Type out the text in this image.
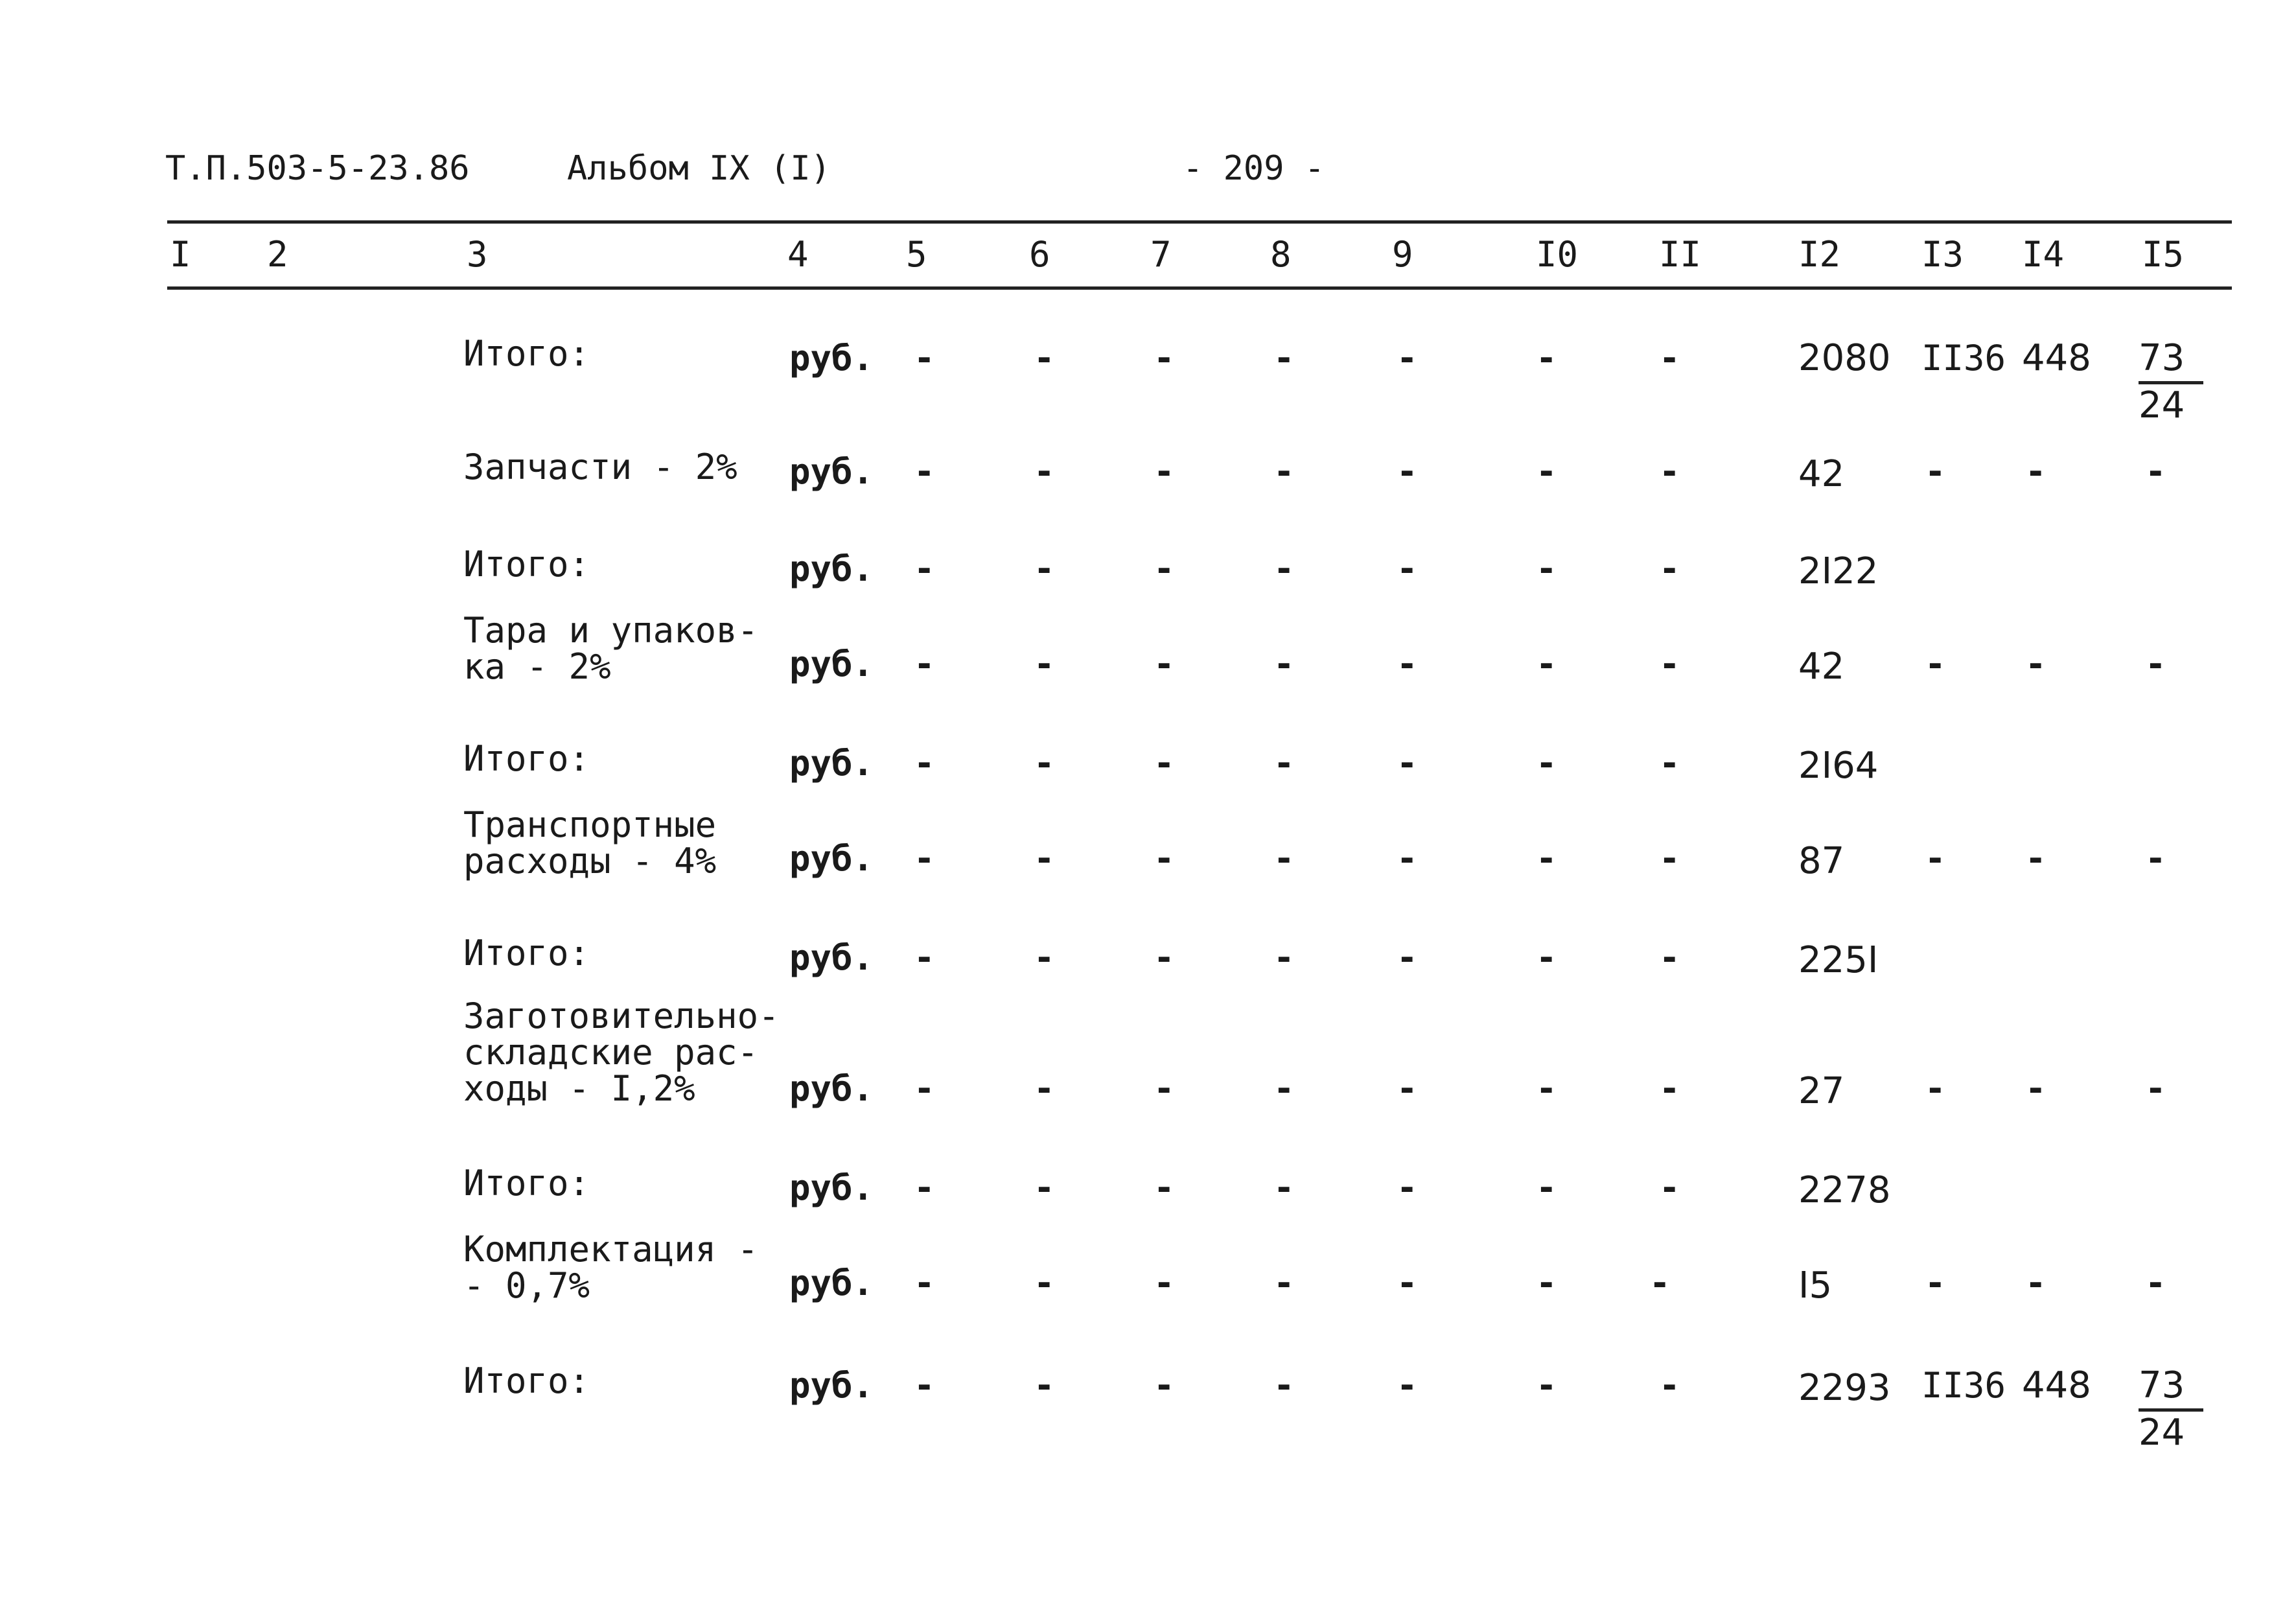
Т.П.503-5-23.86	Альбом IX (I)	- 209 -
I 2	3	4	5	6	7	8	9	I0 II	I2 I3 I4 I5
Итого:	руб. -	-	-	-	-	-	-	2080 II36 $448 \frac{73}{24}$
Запчасти - 2% руб. -	-	-	-	-	-	-	42 - -	-
Итого:	руб. -	-	-	-	-	-	-	2I22
Тара и упаков-
ка - 2%	руб. -	-	-	-	-	-	-	42 - -	-
Итого:	руб. -	-	-	-	-	-	-	2I64
Транспортные
расходы - 4% руб. -	-	-	-	-	-	-	87 - -	-
Итого:	руб. -	-	-	-	-	-	-	225I
Заготовительно-
складские рас-
ходы - I,2%	руб. -	-	-	-	-	-	-	27 - -	-
Итого:	руб. -	-	-	-	-	-	-	2278
Комплектация -
- 0,7%	руб. -	-	-	-	-	-	-	I5	- -	-
Итого:	руб. -	-	-	-	-	-	-	2293 II36 $448 \frac{73}{24}$
